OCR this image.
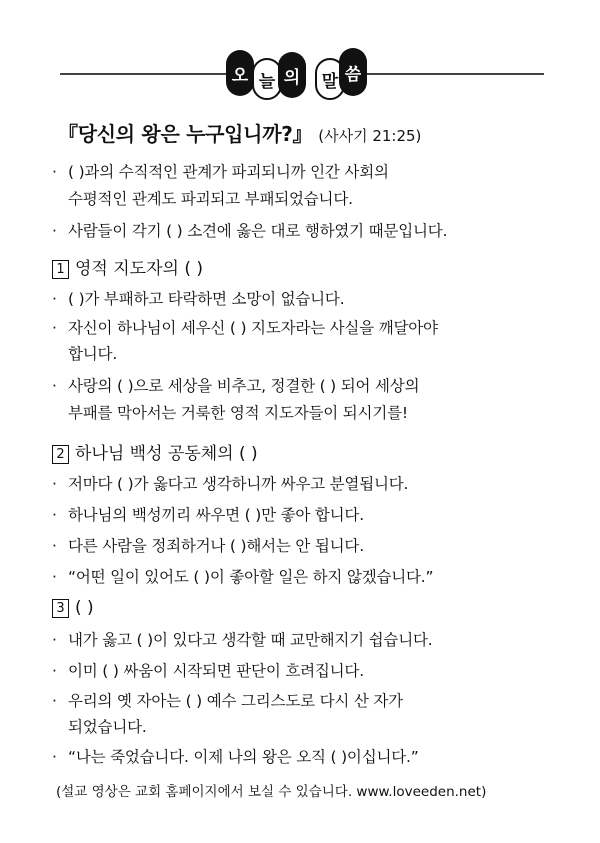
오 늘 의	말 씀
『당신의 왕은 누구입니까?』 (사사기 21:25)
· ( )과의 수직적인 관계가 파괴되니까 인간 사회의
수평적인 관계도 파괴되고 부패되었습니다.
· 사람들이 각기 ( ) 소견에 옳은 대로 행하였기 때문입니다.
1 영적 지도자의 ( )
· ( )가 부패하고 타락하면 소망이 없습니다.
· 자신이 하나님이 세우신 ( ) 지도자라는 사실을 깨달아야
합니다.
· 사랑의 ( )으로 세상을 비추고, 정결한 ( ) 되어 세상의
부패를 막아서는 거룩한 영적 지도자들이 되시기를!
2 하나님 백성 공동체의 ( )
· 저마다 ( )가 옳다고 생각하니까 싸우고 분열됩니다.
· 하나님의 백성끼리 싸우면 ( )만 좋아 합니다.
· 다른 사람을 정죄하거나 ( )해서는 안 됩니다.
· “어떤 일이 있어도 ( )이 좋아할 일은 하지 않겠습니다.”
3 ( )
· 내가 옳고 ( )이 있다고 생각할 때 교만해지기 쉽습니다.
· 이미 ( ) 싸움이 시작되면 판단이 흐려집니다.
· 우리의 옛 자아는 ( ) 예수 그리스도로 다시 산 자가
되었습니다.
· “나는 죽었습니다. 이제 나의 왕은 오직 ( )이십니다.”
(설교 영상은 교회 홈페이지에서 보실 수 있습니다. www.loveeden.net)
